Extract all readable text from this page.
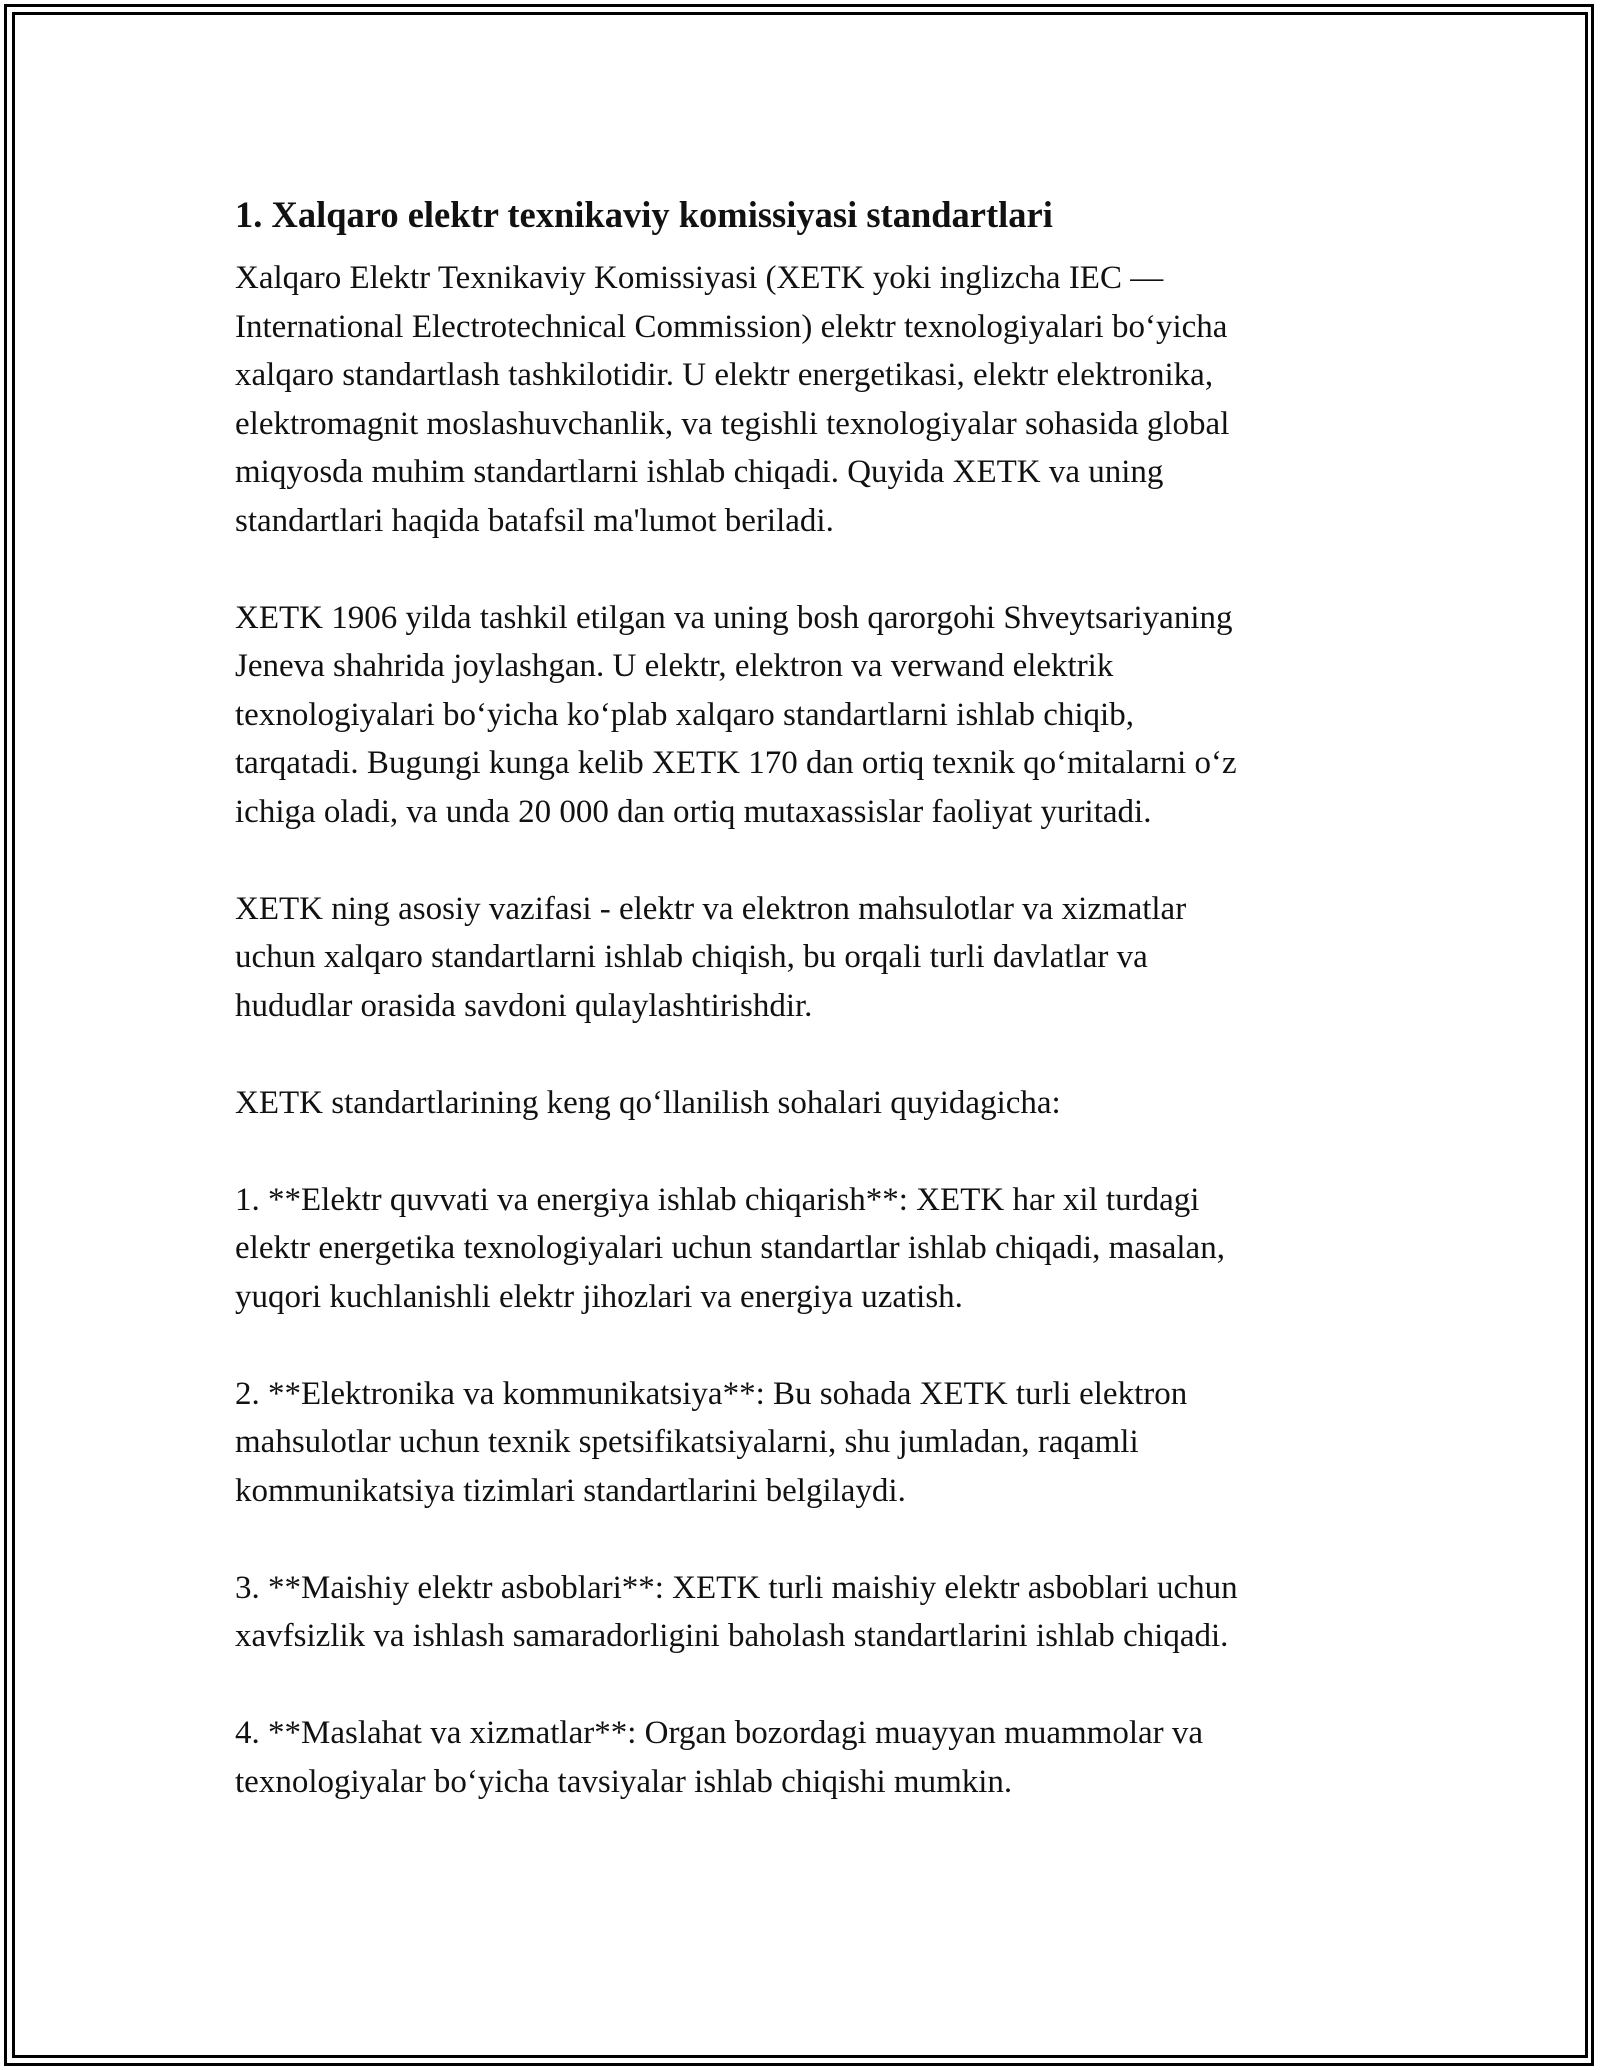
1. Xalqaro elektr texnikaviy komissiyasi standartlari

Xalqaro Elektr Texnikaviy Komissiyasi (XETK yoki inglizcha IEC —
International Electrotechnical Commission) elektr texnologiyalari bo‘yicha
xalqaro standartlash tashkilotidir. U elektr energetikasi, elektr elektronika,
elektromagnit moslashuvchanlik, va tegishli texnologiyalar sohasida global
miqyosda muhim standartlarni ishlab chiqadi. Quyida XETK va uning
standartlari haqida batafsil ma'lumot beriladi.

XETK 1906 yilda tashkil etilgan va uning bosh qarorgohi Shveytsariyaning
Jeneva shahrida joylashgan. U elektr, elektron va verwand elektrik
texnologiyalari bo‘yicha ko‘plab xalqaro standartlarni ishlab chiqib,
tarqatadi. Bugungi kunga kelib XETK 170 dan ortiq texnik qo‘mitalarni o‘z
ichiga oladi, va unda 20 000 dan ortiq mutaxassislar faoliyat yuritadi.

XETK ning asosiy vazifasi - elektr va elektron mahsulotlar va xizmatlar
uchun xalqaro standartlarni ishlab chiqish, bu orqali turli davlatlar va
hududlar orasida savdoni qulaylashtirishdir.

XETK standartlarining keng qo‘llanilish sohalari quyidagicha:

1. **Elektr quvvati va energiya ishlab chiqarish**: XETK har xil turdagi
elektr energetika texnologiyalari uchun standartlar ishlab chiqadi, masalan,
yuqori kuchlanishli elektr jihozlari va energiya uzatish.

2. **Elektronika va kommunikatsiya**: Bu sohada XETK turli elektron
mahsulotlar uchun texnik spetsifikatsiyalarni, shu jumladan, raqamli
kommunikatsiya tizimlari standartlarini belgilaydi.

3. **Maishiy elektr asboblari**: XETK turli maishiy elektr asboblari uchun
xavfsizlik va ishlash samaradorligini baholash standartlarini ishlab chiqadi.

4. **Maslahat va xizmatlar**: Organ bozordagi muayyan muammolar va
texnologiyalar bo‘yicha tavsiyalar ishlab chiqishi mumkin.
